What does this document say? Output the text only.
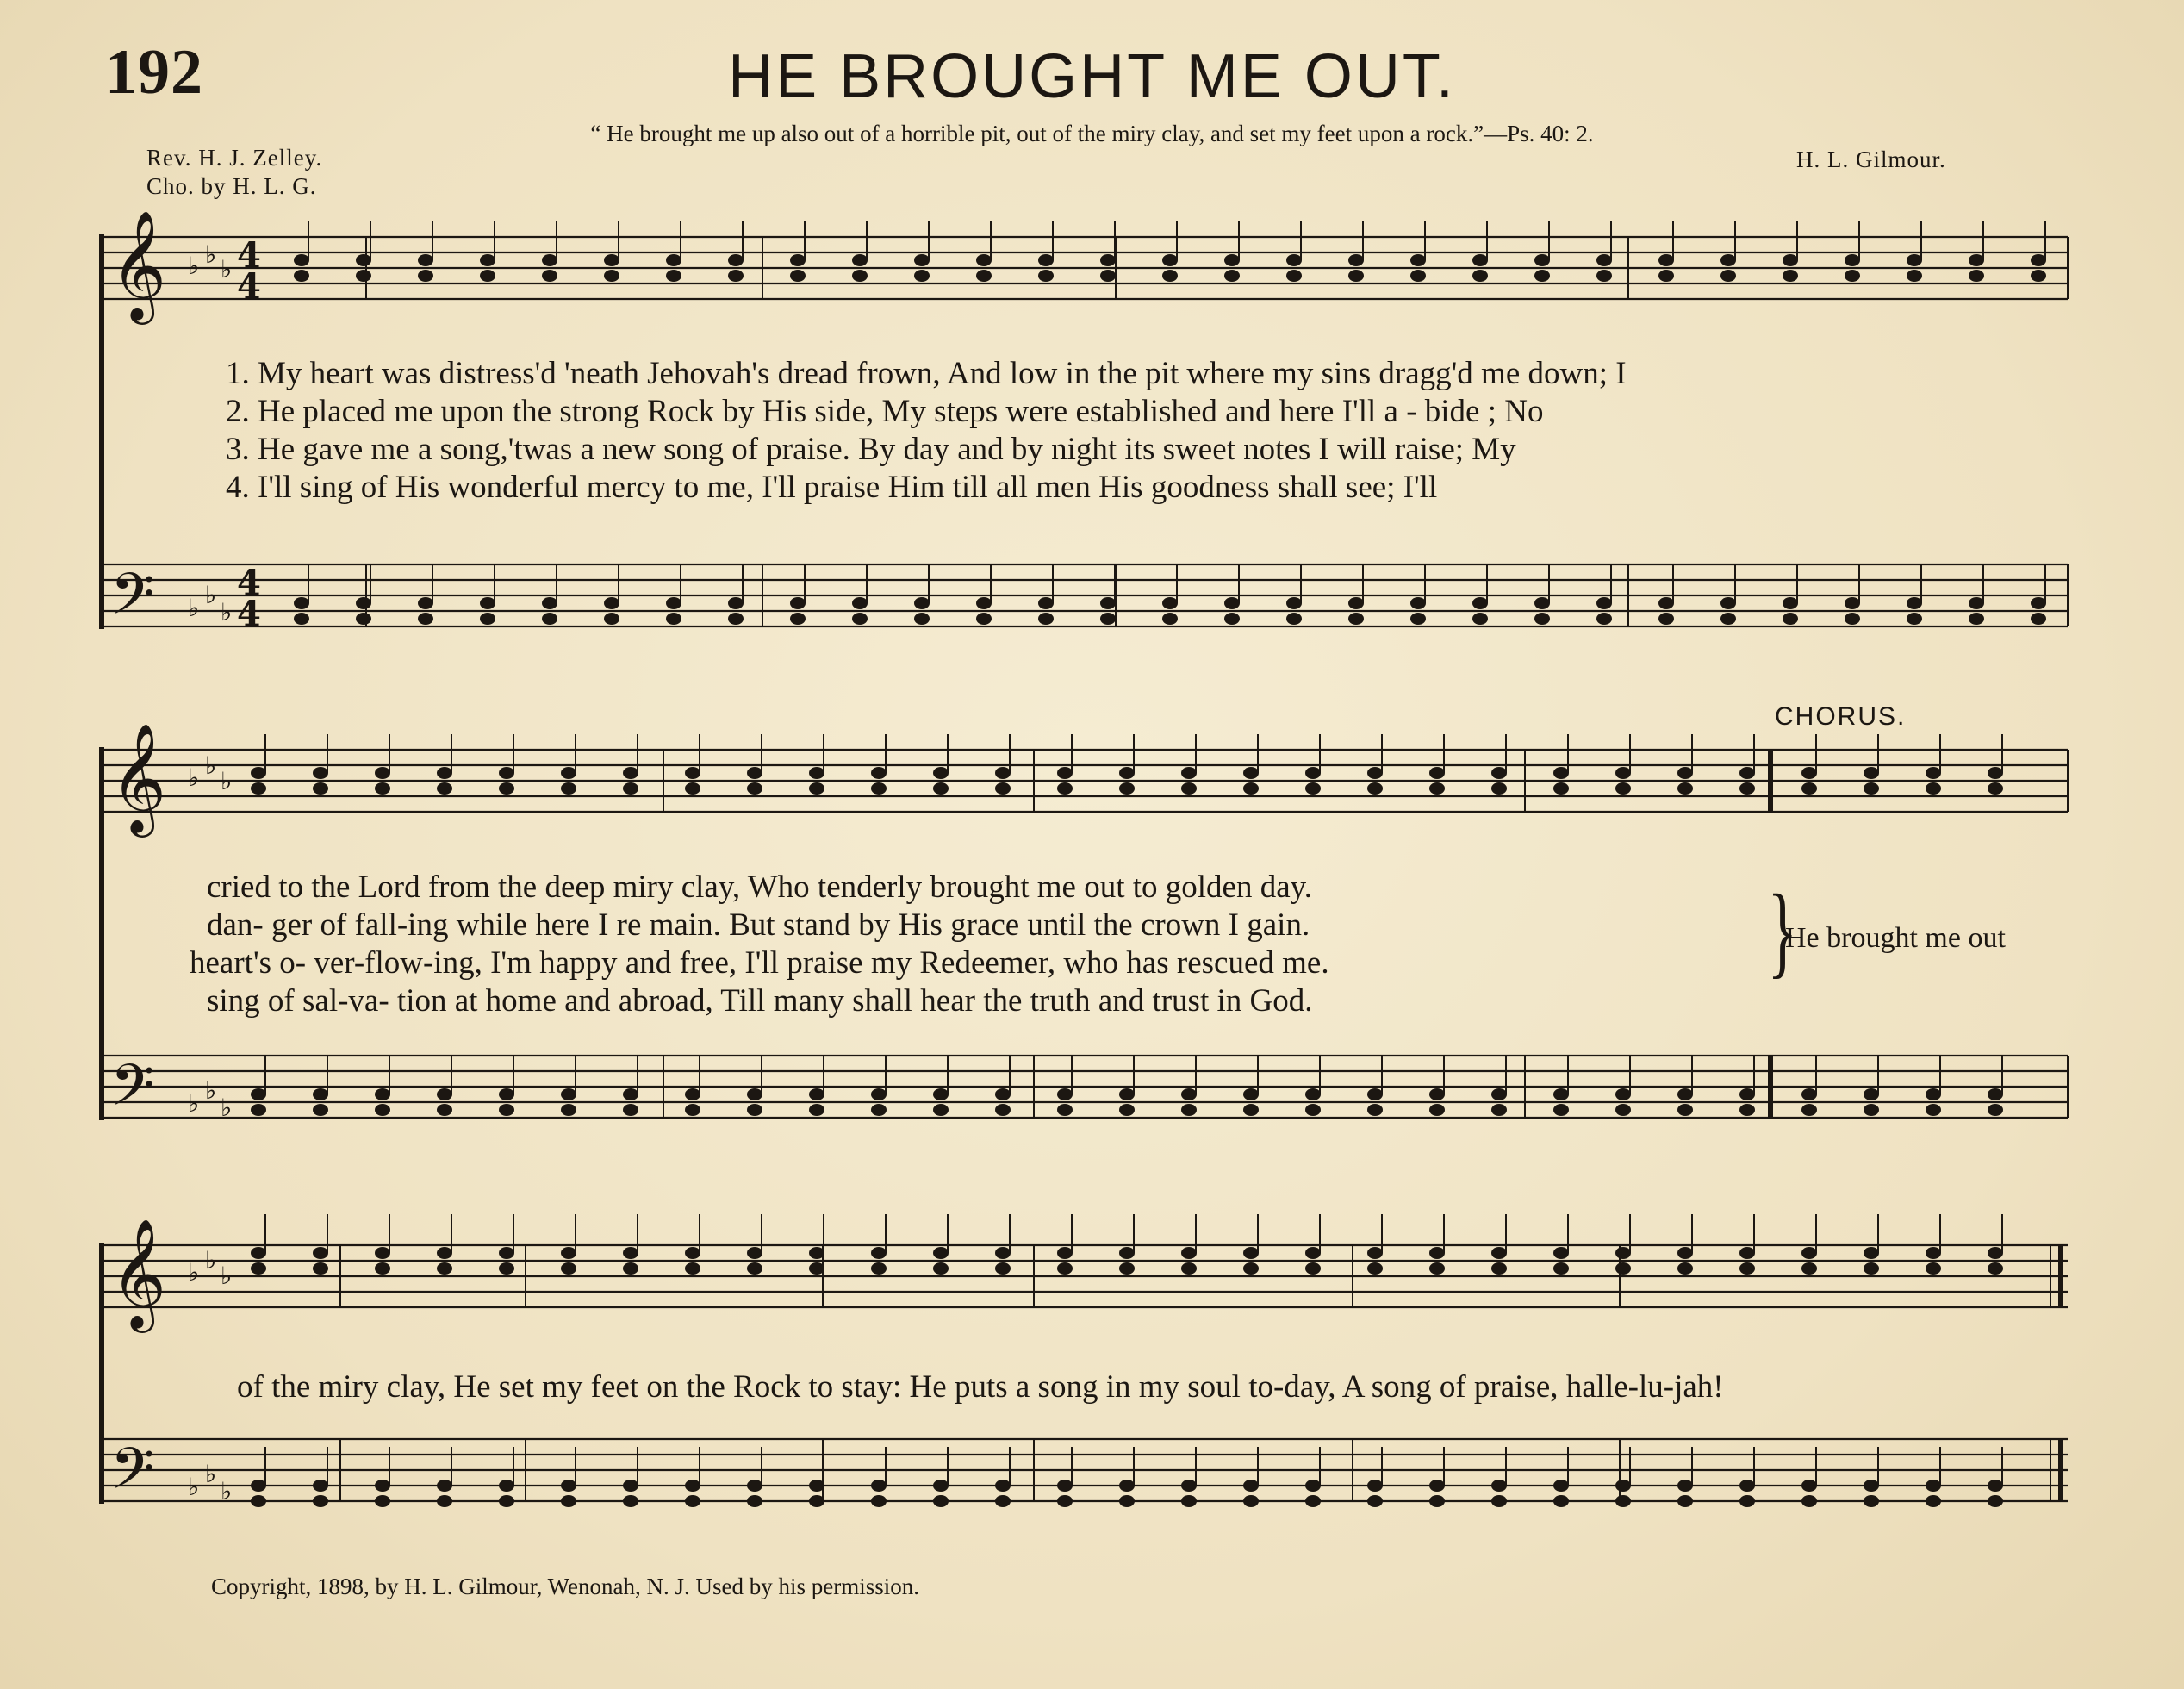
192	HE BROUGHT ME OUT.
“ He brought me up also out of a horrible pit, out of the miry clay, and set my feet upon a rock.”—Ps. 40: 2.
Rev. H. J. Zelley.
Cho. by H. L. G.
H. L. Gilmour.
𝄞
𝄢
𝄞
𝄢
𝄞
𝄢
♭ ♭
♭
♭ ♭
♭
♭ ♭
♭
♭ ♭
♭
♭ ♭
♭
♭ ♭
♭
4
4
4
4
1. My heart was distress'd 'neath Jehovah's dread frown, And low in the pit where my sins dragg'd me down; I
2. He placed me upon the strong Rock by His side, My steps were established and here I'll a - bide ; No
3. He gave me a song,'twas a new song of praise. By day and by night its sweet notes I will raise; My
4. I'll sing of His wonderful mercy to me, I'll praise Him till all men His goodness shall see; I'll
CHORUS.
cried to the Lord from the deep miry clay, Who tenderly brought me out to golden day.
dan- ger of fall-ing while here I re main. But stand by His grace until the crown I gain.
heart's o- ver-flow-ing, I'm happy and free, I'll praise my Redeemer, who has rescued me.
sing of sal-va- tion at home and abroad, Till many shall hear the truth and trust in God.
}
He brought me out
of the miry clay, He set my feet on the Rock to stay: He puts a song in my soul to-day, A song of praise, halle-lu-jah!
Copyright, 1898, by H. L. Gilmour, Wenonah, N. J. Used by his permission.
